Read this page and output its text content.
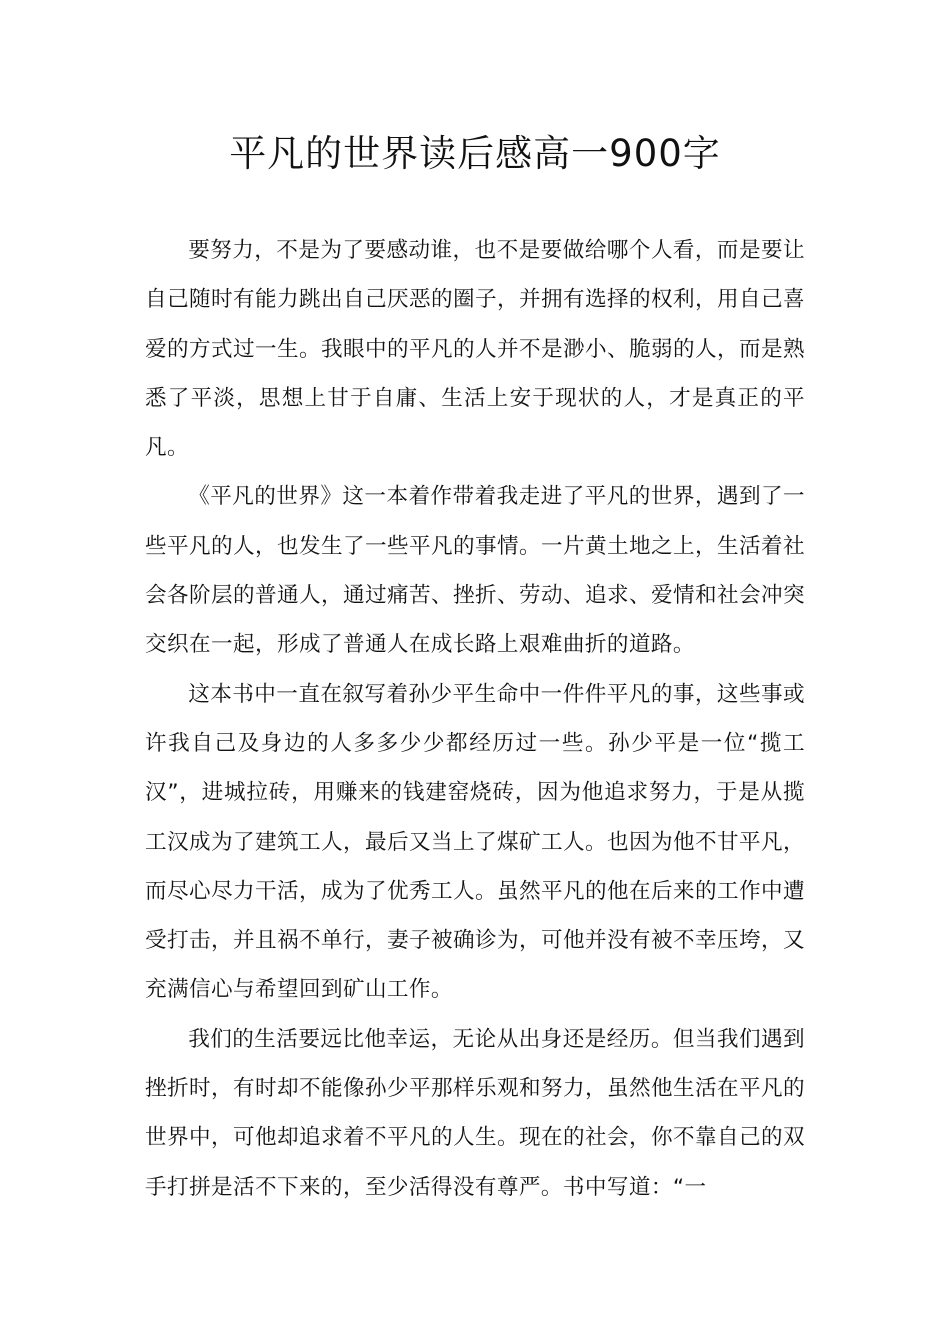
平凡的世界读后感高一900字

要努力，不是为了要感动谁，也不是要做给哪个人看，而是要让自己随时有能力跳出自己厌恶的圈子，并拥有选择的权利，用自己喜爱的方式过一生。我眼中的平凡的人并不是渺小、脆弱的人，而是熟悉了平淡，思想上甘于自庸、生活上安于现状的人，才是真正的平凡。

《平凡的世界》这一本着作带着我走进了平凡的世界，遇到了一些平凡的人，也发生了一些平凡的事情。一片黄土地之上，生活着社会各阶层的普通人，通过痛苦、挫折、劳动、追求、爱情和社会冲突交织在一起，形成了普通人在成长路上艰难曲折的道路。

这本书中一直在叙写着孙少平生命中一件件平凡的事，这些事或许我自己及身边的人多多少少都经历过一些。孙少平是一位“揽工汉”，进城拉砖，用赚来的钱建窑烧砖，因为他追求努力，于是从揽工汉成为了建筑工人，最后又当上了煤矿工人。也因为他不甘平凡，而尽心尽力干活，成为了优秀工人。虽然平凡的他在后来的工作中遭受打击，并且祸不单行，妻子被确诊为，可他并没有被不幸压垮，又充满信心与希望回到矿山工作。

我们的生活要远比他幸运，无论从出身还是经历。但当我们遇到挫折时，有时却不能像孙少平那样乐观和努力，虽然他生活在平凡的世界中，可他却追求着不平凡的人生。现在的社会，你不靠自己的双手打拼是活不下来的，至少活得没有尊严。书中写道：“一
